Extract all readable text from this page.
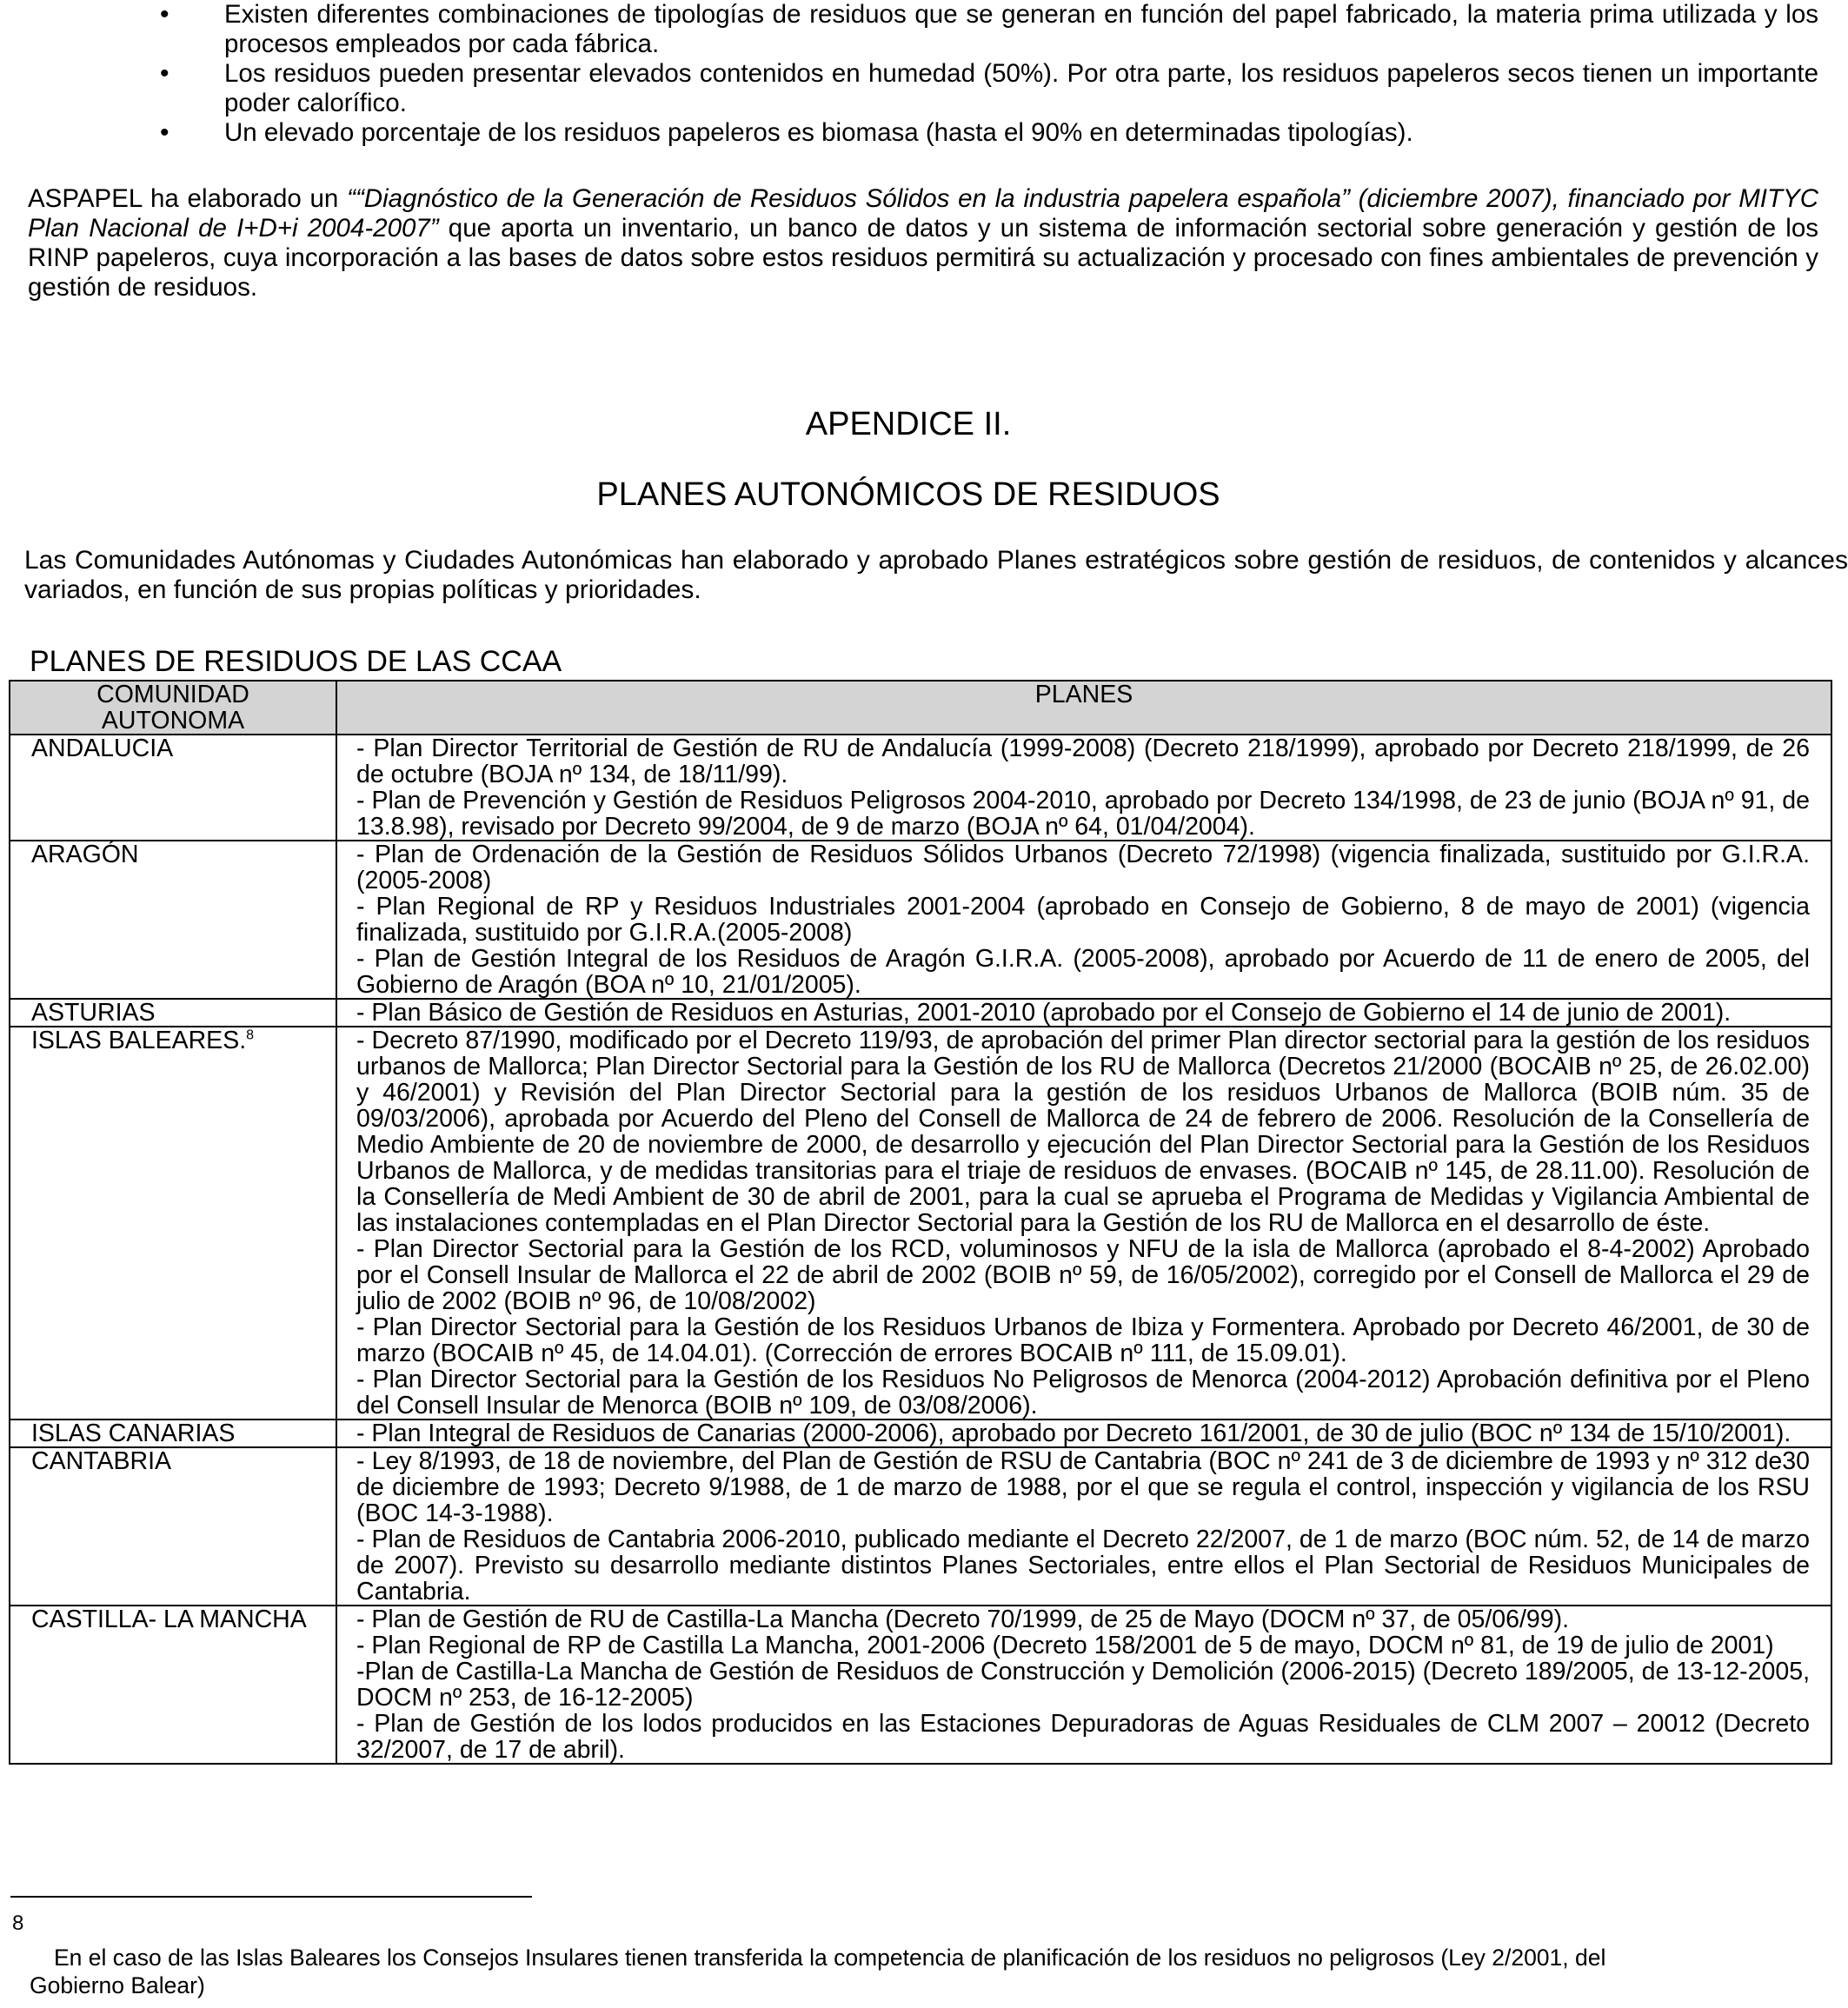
• Existen diferentes combinaciones de tipologías de residuos que se generan en función del papel fabricado, la materia prima utilizada y los procesos empleados por cada fábrica.
• Los residuos pueden presentar elevados contenidos en humedad (50%). Por otra parte, los residuos papeleros secos tienen un importante poder calorífico.
• Un elevado porcentaje de los residuos papeleros es biomasa (hasta el 90% en determinadas tipologías).

ASPAPEL ha elaborado un ““Diagnóstico de la Generación de Residuos Sólidos en la industria papelera española” (diciembre 2007), financiado por MITYC Plan Nacional de I+D+i 2004-2007” que aporta un inventario, un banco de datos y un sistema de información sectorial sobre generación y gestión de los RINP papeleros, cuya incorporación a las bases de datos sobre estos residuos permitirá su actualización y procesado con fines ambientales de prevención y gestión de residuos.

APENDICE II.
PLANES AUTONÓMICOS DE RESIDUOS

Las Comunidades Autónomas y Ciudades Autonómicas han elaborado y aprobado Planes estratégicos sobre gestión de residuos, de contenidos y alcances variados, en función de sus propias políticas y prioridades.

PLANES DE RESIDUOS DE LAS CCAA
COMUNIDAD AUTONOMA	PLANES
ANDALUCIA	- Plan Director Territorial de Gestión de RU de Andalucía (1999-2008) (Decreto 218/1999), aprobado por Decreto 218/1999, de 26 de octubre (BOJA nº 134, de 18/11/99).
- Plan de Prevención y Gestión de Residuos Peligrosos 2004-2010, aprobado por Decreto 134/1998, de 23 de junio (BOJA nº 91, de 13.8.98), revisado por Decreto 99/2004, de 9 de marzo (BOJA nº 64, 01/04/2004).

ARAGÓN	- Plan de Ordenación de la Gestión de Residuos Sólidos Urbanos (Decreto 72/1998) (vigencia finalizada, sustituido por G.I.R.A.(2005-2008)
- Plan Regional de RP y Residuos Industriales 2001-2004 (aprobado en Consejo de Gobierno, 8 de mayo de 2001) (vigencia finalizada, sustituido por G.I.R.A.(2005-2008)
- Plan de Gestión Integral de los Residuos de Aragón G.I.R.A. (2005-2008), aprobado por Acuerdo de 11 de enero de 2005, del Gobierno de Aragón (BOA nº 10, 21/01/2005).

ASTURIAS	- Plan Básico de Gestión de Residuos en Asturias, 2001-2010 (aprobado por el Consejo de Gobierno el 14 de junio de 2001).

ISLAS BALEARES.$^8$	- Decreto 87/1990, modificado por el Decreto 119/93, de aprobación del primer Plan director sectorial para la gestión de los residuos urbanos de Mallorca; Plan Director Sectorial para la Gestión de los RU de Mallorca (Decretos 21/2000 (BOCAIB nº 25, de 26.02.00) y 46/2001) y Revisión del Plan Director Sectorial para la gestión de los residuos Urbanos de Mallorca (BOIB núm. 35 de 09/03/2006), aprobada por Acuerdo del Pleno del Consell de Mallorca de 24 de febrero de 2006. Resolución de la Consellería de Medio Ambiente de 20 de noviembre de 2000, de desarrollo y ejecución del Plan Director Sectorial para la Gestión de los Residuos Urbanos de Mallorca, y de medidas transitorias para el triaje de residuos de envases. (BOCAIB nº 145, de 28.11.00). Resolución de la Consellería de Medi Ambient de 30 de abril de 2001, para la cual se aprueba el Programa de Medidas y Vigilancia Ambiental de las instalaciones contempladas en el Plan Director Sectorial para la Gestión de los RU de Mallorca en el desarrollo de éste.
- Plan Director Sectorial para la Gestión de los RCD, voluminosos y NFU de la isla de Mallorca (aprobado el 8-4-2002) Aprobado por el Consell Insular de Mallorca el 22 de abril de 2002 (BOIB nº 59, de 16/05/2002), corregido por el Consell de Mallorca el 29 de julio de 2002 (BOIB nº 96, de 10/08/2002)
- Plan Director Sectorial para la Gestión de los Residuos Urbanos de Ibiza y Formentera. Aprobado por Decreto 46/2001, de 30 de marzo (BOCAIB nº 45, de 14.04.01). (Corrección de errores BOCAIB nº 111, de 15.09.01).
- Plan Director Sectorial para la Gestión de los Residuos No Peligrosos de Menorca (2004-2012) Aprobación definitiva por el Pleno del Consell Insular de Menorca (BOIB nº 109, de 03/08/2006).

ISLAS CANARIAS	- Plan Integral de Residuos de Canarias (2000-2006), aprobado por Decreto 161/2001, de 30 de julio (BOC nº 134 de 15/10/2001).

CANTABRIA	- Ley 8/1993, de 18 de noviembre, del Plan de Gestión de RSU de Cantabria (BOC nº 241 de 3 de diciembre de 1993 y nº 312 de30 de diciembre de 1993; Decreto 9/1988, de 1 de marzo de 1988, por el que se regula el control, inspección y vigilancia de los RSU (BOC 14-3-1988).
- Plan de Residuos de Cantabria 2006-2010, publicado mediante el Decreto 22/2007, de 1 de marzo (BOC núm. 52, de 14 de marzo de 2007). Previsto su desarrollo mediante distintos Planes Sectoriales, entre ellos el Plan Sectorial de Residuos Municipales de Cantabria.

CASTILLA- LA MANCHA	- Plan de Gestión de RU de Castilla-La Mancha (Decreto 70/1999, de 25 de Mayo (DOCM nº 37, de 05/06/99).
- Plan Regional de RP de Castilla La Mancha, 2001-2006 (Decreto 158/2001 de 5 de mayo, DOCM nº 81, de 19 de julio de 2001)
-Plan de Castilla-La Mancha de Gestión de Residuos de Construcción y Demolición (2006-2015) (Decreto 189/2005, de 13-12-2005, DOCM nº 253, de 16-12-2005)
- Plan de Gestión de los lodos producidos en las Estaciones Depuradoras de Aguas Residuales de CLM 2007 – 20012 (Decreto 32/2007, de 17 de abril).
8

En el caso de las Islas Baleares los Consejos Insulares tienen transferida la competencia de planificación de los residuos no peligrosos (Ley 2/2001, del Gobierno Balear)
